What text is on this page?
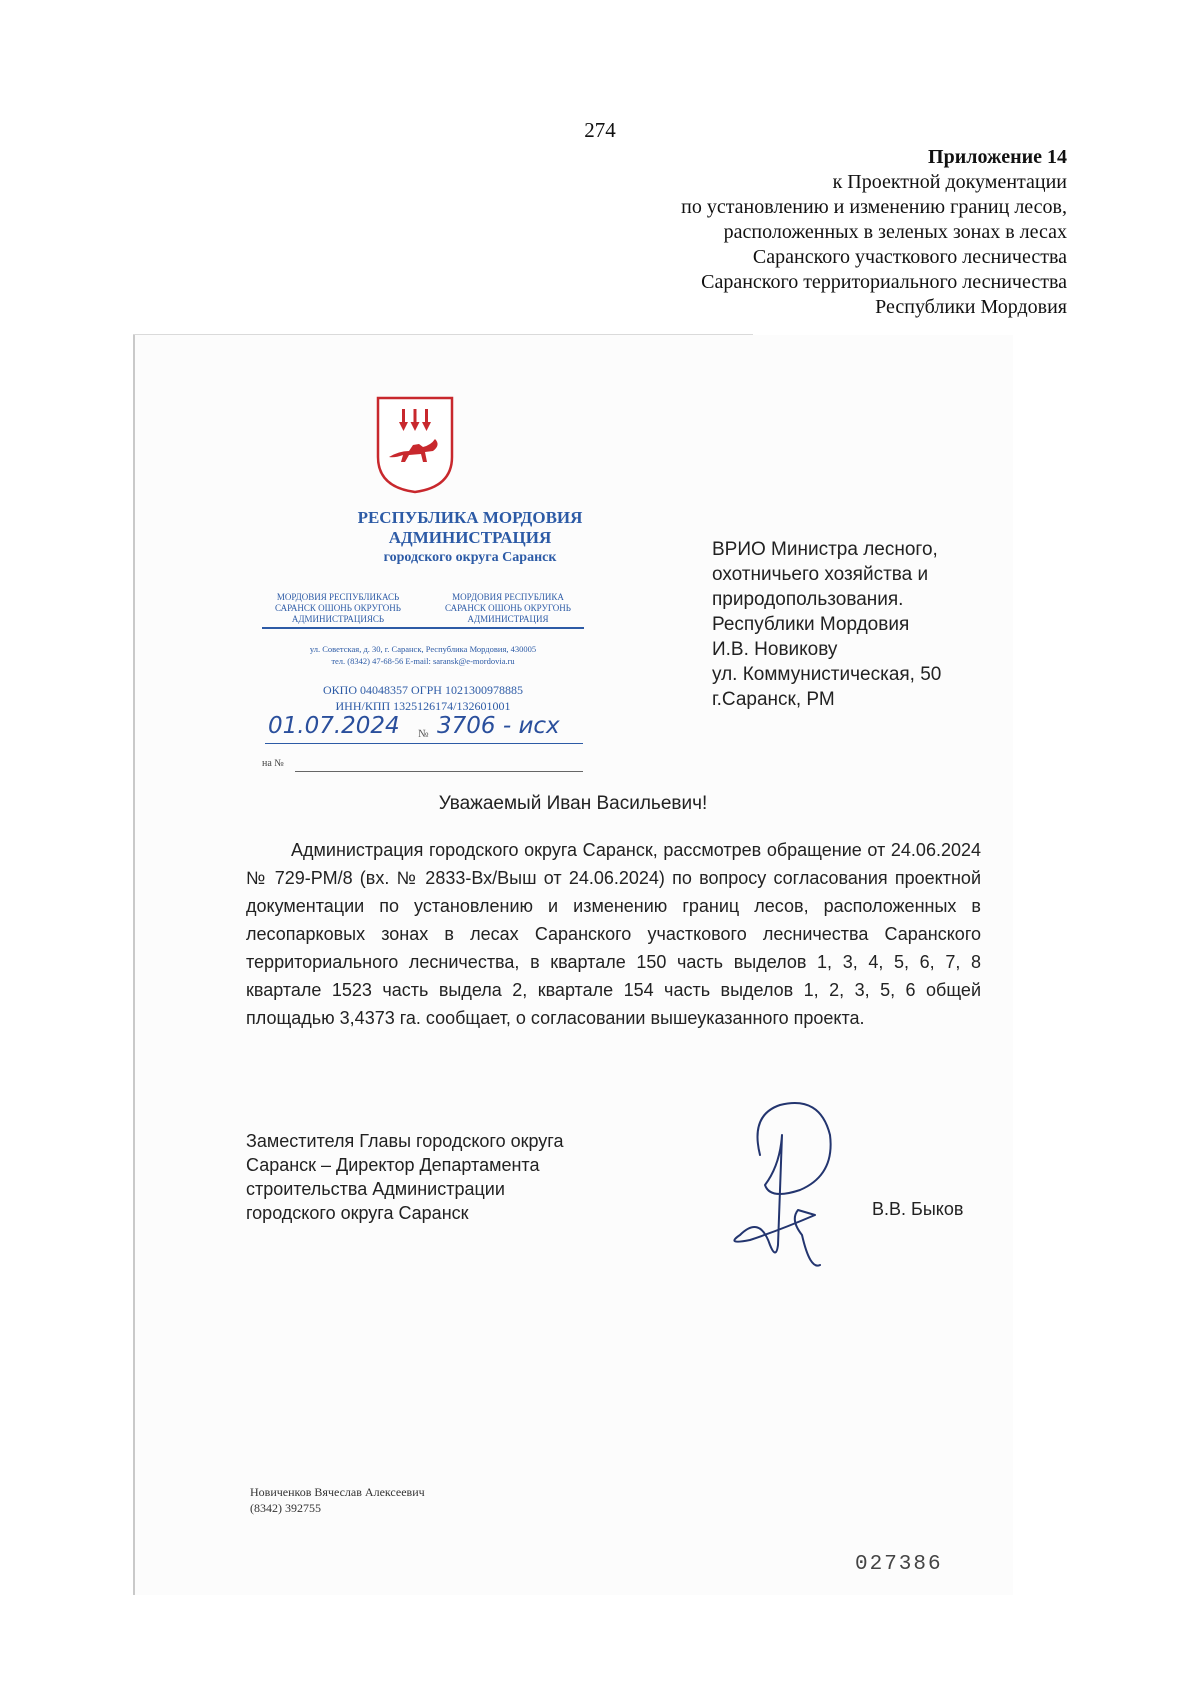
274
Приложение 14
к Проектной документации
по установлению и изменению границ лесов,
расположенных в зеленых зонах в лесах
Саранского участкового лесничества
Саранского территориального лесничества
Республики Мордовия
РЕСПУБЛИКА МОРДОВИЯ
АДМИНИСТРАЦИЯ
городского округа Саранск
МОРДОВИЯ РЕСПУБЛИКАСЬ
САРАНСК ОШОНЬ ОКРУГОНЬ
АДМИНИСТРАЦИЯСЬ
МОРДОВИЯ РЕСПУБЛИКА
САРАНСК ОШОНЬ ОКРУГОНЬ
АДМИНИСТРАЦИЯ
ул. Советская, д. 30, г. Саранск, Республика Мордовия, 430005
тел. (8342) 47-68-56 E-mail: saransk@e-mordovia.ru
ОКПО 04048357 ОГРН 1021300978885
ИНН/КПП 1325126174/132601001
01.07.2024 № 3706 - исх
на №
ВРИО Министра лесного,
охотничьего хозяйства и
природопользования.
Республики Мордовия
И.В. Новикову
ул. Коммунистическая, 50
г.Саранск, РМ
Уважаемый Иван Васильевич!
Администрация городского округа Саранск, рассмотрев обращение от 24.06.2024 № 729-РМ/8 (вх. № 2833-Вх/Выш от 24.06.2024) по вопросу согласования проектной документации по установлению и изменению границ лесов, расположенных в лесопарковых зонах в лесах Саранского участкового лесничества Саранского территориального лесничества, в квартале 150 часть выделов 1, 3, 4, 5, 6, 7, 8 квартале 1523 часть выдела 2, квартале 154 часть выделов 1, 2, 3, 5, 6 общей площадью 3,4373 га. сообщает, о согласовании вышеуказанного проекта.
Заместителя Главы городского округа
Саранск – Директор Департамента
строительства Администрации
городского округа Саранск	В.В. Быков
Новиченков Вячеслав Алексеевич
(8342) 392755
027386
